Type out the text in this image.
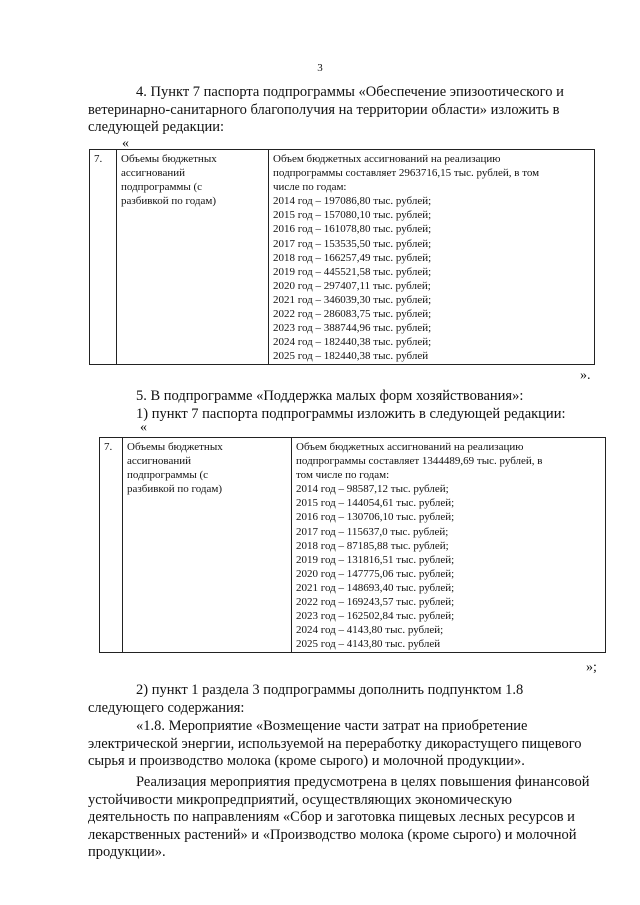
3
4. Пункт 7 паспорта подпрограммы «Обеспечение эпизоотического и
ветеринарно-санитарного благополучия на территории области» изложить в
следующей редакции:
«
7.	Объемы бюджетных
ассигнований
подпрограммы (с
разбивкой по годам)

Объем бюджетных ассигнований на реализацию
подпрограммы составляет 2963716,15 тыс. рублей, в том
числе по годам:
2014 год – 197086,80 тыс. рублей;
2015 год – 157080,10 тыс. рублей;
2016 год – 161078,80 тыс. рублей;
2017 год – 153535,50 тыс. рублей;
2018 год – 166257,49 тыс. рублей;
2019 год – 445521,58 тыс. рублей;
2020 год – 297407,11 тыс. рублей;
2021 год – 346039,30 тыс. рублей;
2022 год – 286083,75 тыс. рублей;
2023 год – 388744,96 тыс. рублей;
2024 год – 182440,38 тыс. рублей;
2025 год – 182440,38 тыс. рублей
».
5. В подпрограмме «Поддержка малых форм хозяйствования»:
1) пункт 7 паспорта подпрограммы изложить в следующей редакции:
«
7.	Объемы бюджетных
ассигнований
подпрограммы (с
разбивкой по годам)

Объем бюджетных ассигнований на реализацию
подпрограммы составляет 1344489,69 тыс. рублей, в
том числе по годам:
2014 год – 98587,12 тыс. рублей;
2015 год – 144054,61 тыс. рублей;
2016 год – 130706,10 тыс. рублей;
2017 год – 115637,0 тыс. рублей;
2018 год – 87185,88 тыс. рублей;
2019 год – 131816,51 тыс. рублей;
2020 год – 147775,06 тыс. рублей;
2021 год – 148693,40 тыс. рублей;
2022 год – 169243,57 тыс. рублей;
2023 год – 162502,84 тыс. рублей;
2024 год – 4143,80 тыс. рублей;
2025 год – 4143,80 тыс. рублей
»;
2) пункт 1 раздела 3 подпрограммы дополнить подпунктом 1.8
следующего содержания:
«1.8. Мероприятие «Возмещение части затрат на приобретение
электрической энергии, используемой на переработку дикорастущего пищевого
сырья и производство молока (кроме сырого) и молочной продукции».
Реализация мероприятия предусмотрена в целях повышения финансовой
устойчивости микропредприятий, осуществляющих экономическую
деятельность по направлениям «Сбор и заготовка пищевых лесных ресурсов и
лекарственных растений» и «Производство молока (кроме сырого) и молочной
продукции».
